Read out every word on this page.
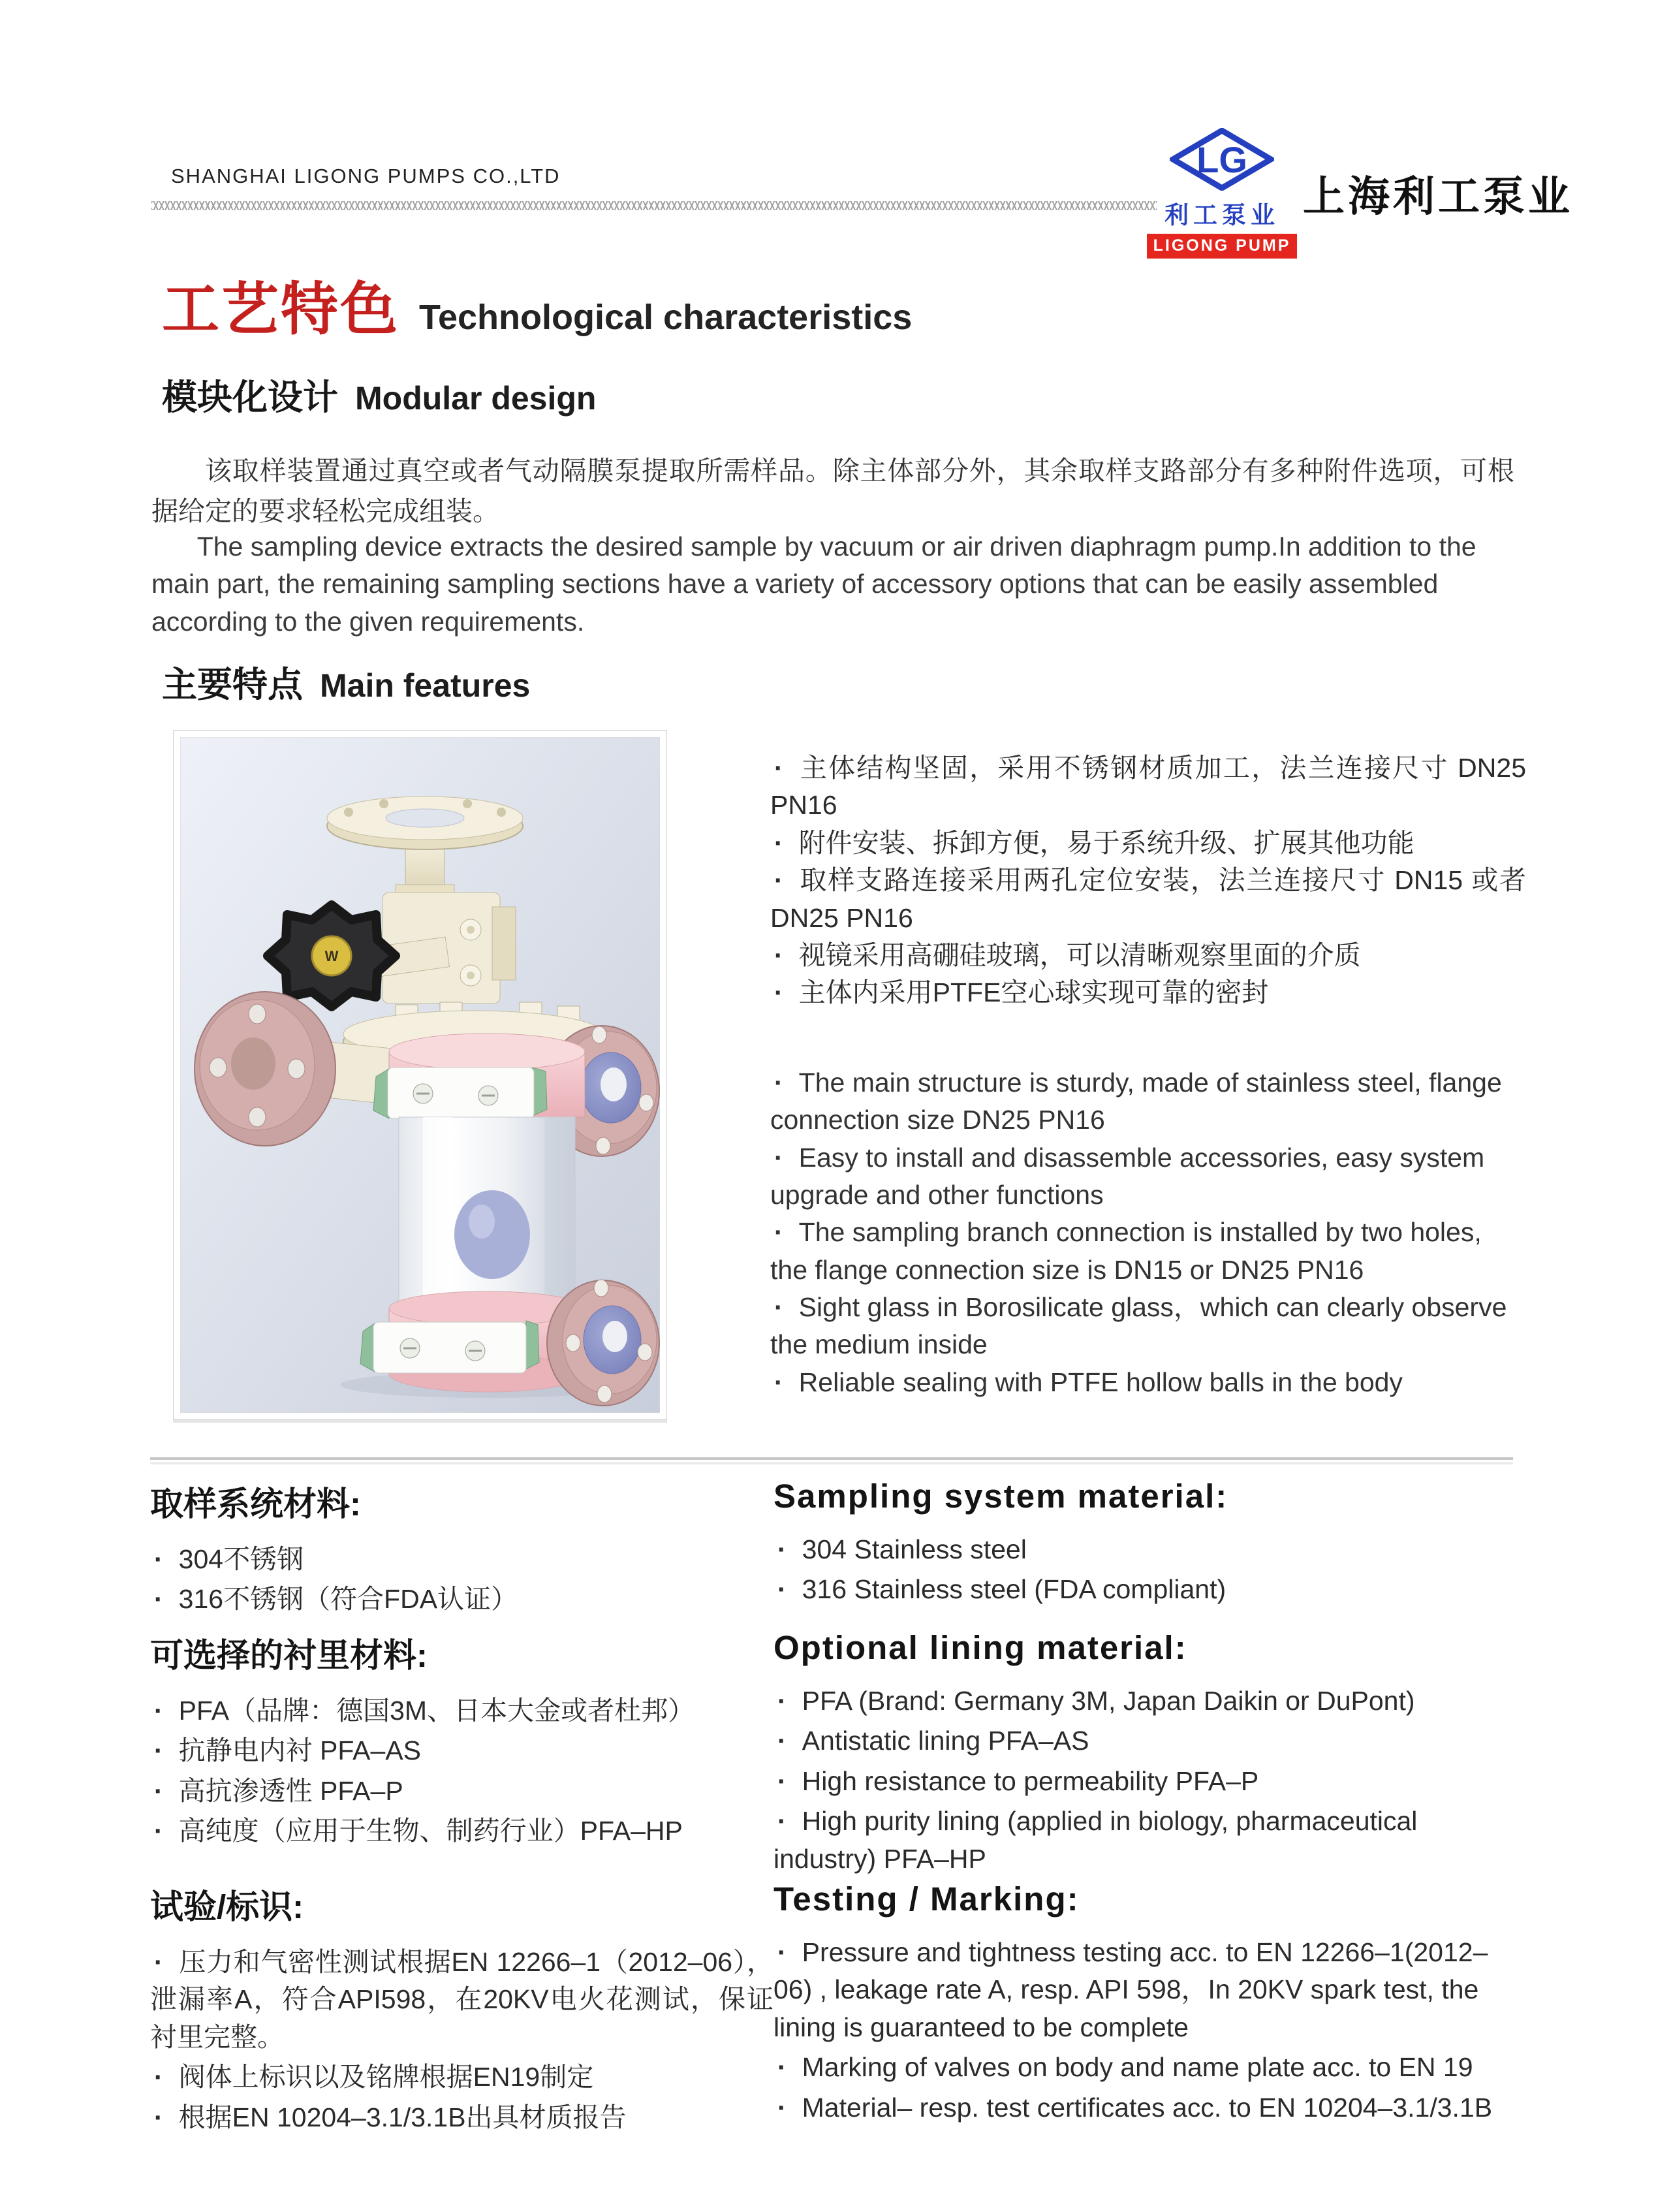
SHANGHAI LIGONG PUMPS CO.,LTD	LG
利工泵业
LIGONG PUMP
上海利工泵业
工艺特色 Technological characteristics
模块化设计 Modular design

该取样装置通过真空或者气动隔膜泵提取所需样品。除主体部分外，其余取样支路部分有多种附件选项，可根据给定的要求轻松完成组装。

The sampling device extracts the desired sample by vacuum or air driven diaphragm pump.In addition to the main part, the remaining sampling sections have a variety of accessory options that can be easily assembled according to the given requirements.

主要特点 Main features
W
· 主体结构坚固，采用不锈钢材质加工，法兰连接尺寸 DN25 PN16
· 附件安装、拆卸方便，易于系统升级、扩展其他功能
· 取样支路连接采用两孔定位安装，法兰连接尺寸 DN15 或者 DN25 PN16
· 视镜采用高硼硅玻璃，可以清晰观察里面的介质
· 主体内采用PTFE空心球实现可靠的密封
· The main structure is sturdy, made of stainless steel, flange connection size DN25 PN16
· Easy to install and disassemble accessories, easy system upgrade and other functions
· The sampling branch connection is installed by two holes, the flange connection size is DN15 or DN25 PN16
· Sight glass in Borosilicate glass，which can clearly observe the medium inside
· Reliable sealing with PTFE hollow balls in the body
取样系统材料:
· 304不锈钢
· 316不锈钢（符合FDA认证）
Sampling system material:
· 304 Stainless steel
· 316 Stainless steel (FDA compliant)
可选择的衬里材料:
· PFA（品牌：德国3M、日本大金或者杜邦）
· 抗静电内衬 PFA–AS
· 高抗渗透性 PFA–P
· 高纯度（应用于生物、制药行业）PFA–HP
Optional lining material:
· PFA (Brand: Germany 3M, Japan Daikin or DuPont)
· Antistatic lining PFA–AS
· High resistance to permeability PFA–P
· High purity lining (applied in biology, pharmaceutical industry) PFA–HP
试验/标识:
· 压力和气密性测试根据EN 12266–1（2012–06），泄漏率A，符合API598，在20KV电火花测试，保证衬里完整。
· 阀体上标识以及铭牌根据EN19制定
· 根据EN 10204–3.1/3.1B出具材质报告
Testing / Marking:
· Pressure and tightness testing acc. to EN 12266–1(2012–06) , leakage rate A, resp. API 598，In 20KV spark test, the lining is guaranteed to be complete
· Marking of valves on body and name plate acc. to EN 19
· Material– resp. test certificates acc. to EN 10204–3.1/3.1B
